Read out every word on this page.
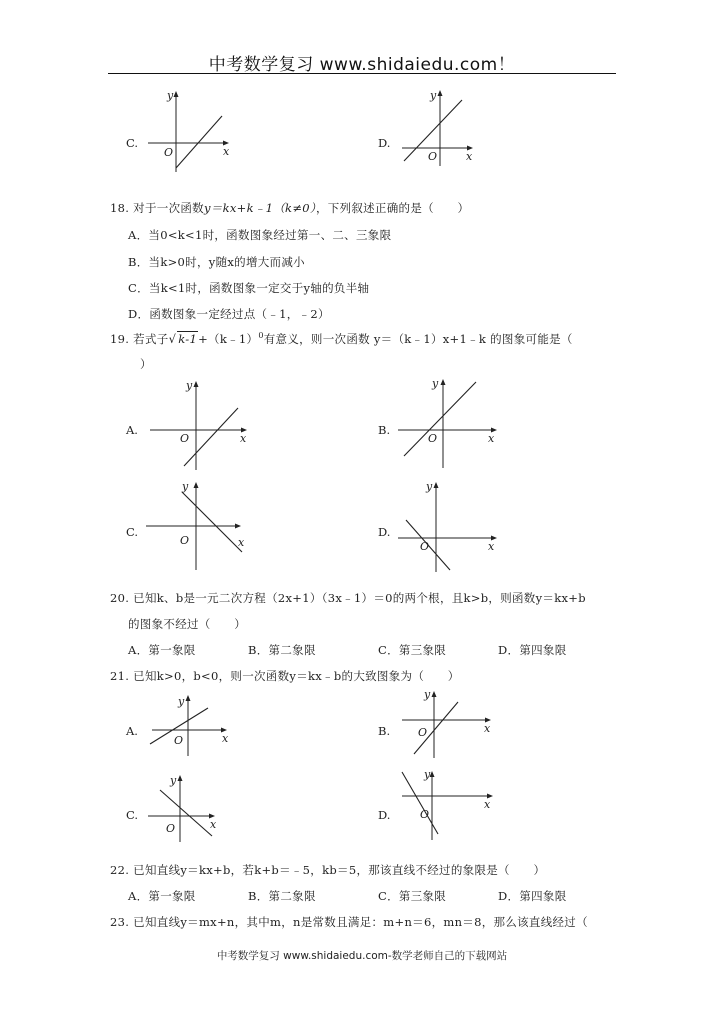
中考数学复习 www.shidaiedu.com！
C.
y
x
O
D.
y
x
O
18. 对于一次函数y＝kx+k﹣1（k≠0），下列叙述正确的是（　　）
A．当0<k<1时，函数图象经过第一、二、三象限
B．当k>0时，y随x的增大而减小
C．当k<1时，函数图象一定交于y轴的负半轴
D．函数图象一定经过点（﹣1，﹣2）
19. 若式子√ k-1+（k﹣1）$^0$有意义，则一次函数 y＝（k﹣1）x+1﹣k 的图象可能是（
）
A.
y
x
O
B.
y
x
O
C.
y
x
O
D.
y
x
O
20. 已知k、b是一元二次方程（2x+1）（3x﹣1）＝0的两个根，且k>b，则函数y＝kx+b
的图象不经过（　　）
A．第一象限	B．第二象限	C．第三象限	D．第四象限
21. 已知k>0，b<0，则一次函数y＝kx﹣b的大致图象为（　　）
A.
y
x
O
B.
y
x
O
C.
y
x
O
D.
y
x
O
22. 已知直线y＝kx+b，若k+b＝﹣5，kb＝5，那该直线不经过的象限是（　　）
A．第一象限	B．第二象限	C．第三象限	D．第四象限
23. 已知直线y＝mx+n，其中m，n是常数且满足：m+n＝6，mn＝8，那么该直线经过（
中考数学复习 www.shidaiedu.com-数学老师自己的下载网站
